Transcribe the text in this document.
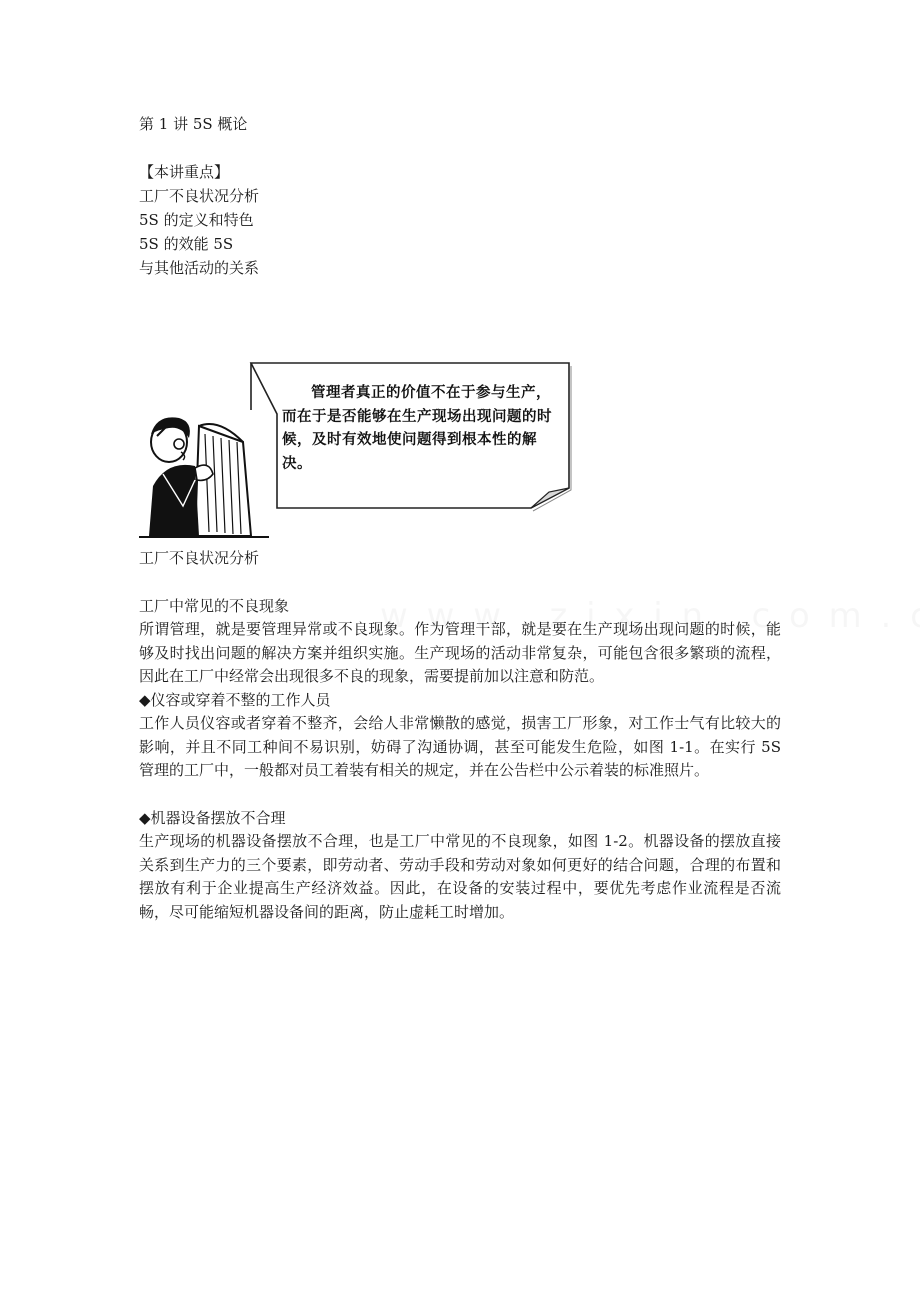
第 1 讲 5S 概论
【本讲重点】
工厂不良状况分析
5S 的定义和特色
5S 的效能 5S
与其他活动的关系
管理者真正的价值不在于参与生产，而在于是否能够在生产现场出现问题的时候，及时有效地使问题得到根本性的解决。
工厂不良状况分析
工厂中常见的不良现象
所谓管理，就是要管理异常或不良现象。作为管理干部，就是要在生产现场出现问题的时候，能够及时找出问题的解决方案并组织实施。生产现场的活动非常复杂，可能包含很多繁琐的流程，因此在工厂中经常会出现很多不良的现象，需要提前加以注意和防范。
◆仪容或穿着不整的工作人员
工作人员仪容或者穿着不整齐，会给人非常懒散的感觉，损害工厂形象，对工作士气有比较大的影响，并且不同工种间不易识别，妨碍了沟通协调，甚至可能发生危险，如图 1-1。在实行 5S 管理的工厂中，一般都对员工着装有相关的规定，并在公告栏中公示着装的标准照片。
◆机器设备摆放不合理
生产现场的机器设备摆放不合理，也是工厂中常见的不良现象，如图 1-2。机器设备的摆放直接关系到生产力的三个要素，即劳动者、劳动手段和劳动对象如何更好的结合问题，合理的布置和摆放有利于企业提高生产经济效益。因此，在设备的安装过程中，要优先考虑作业流程是否流畅，尽可能缩短机器设备间的距离，防止虚耗工时增加。
